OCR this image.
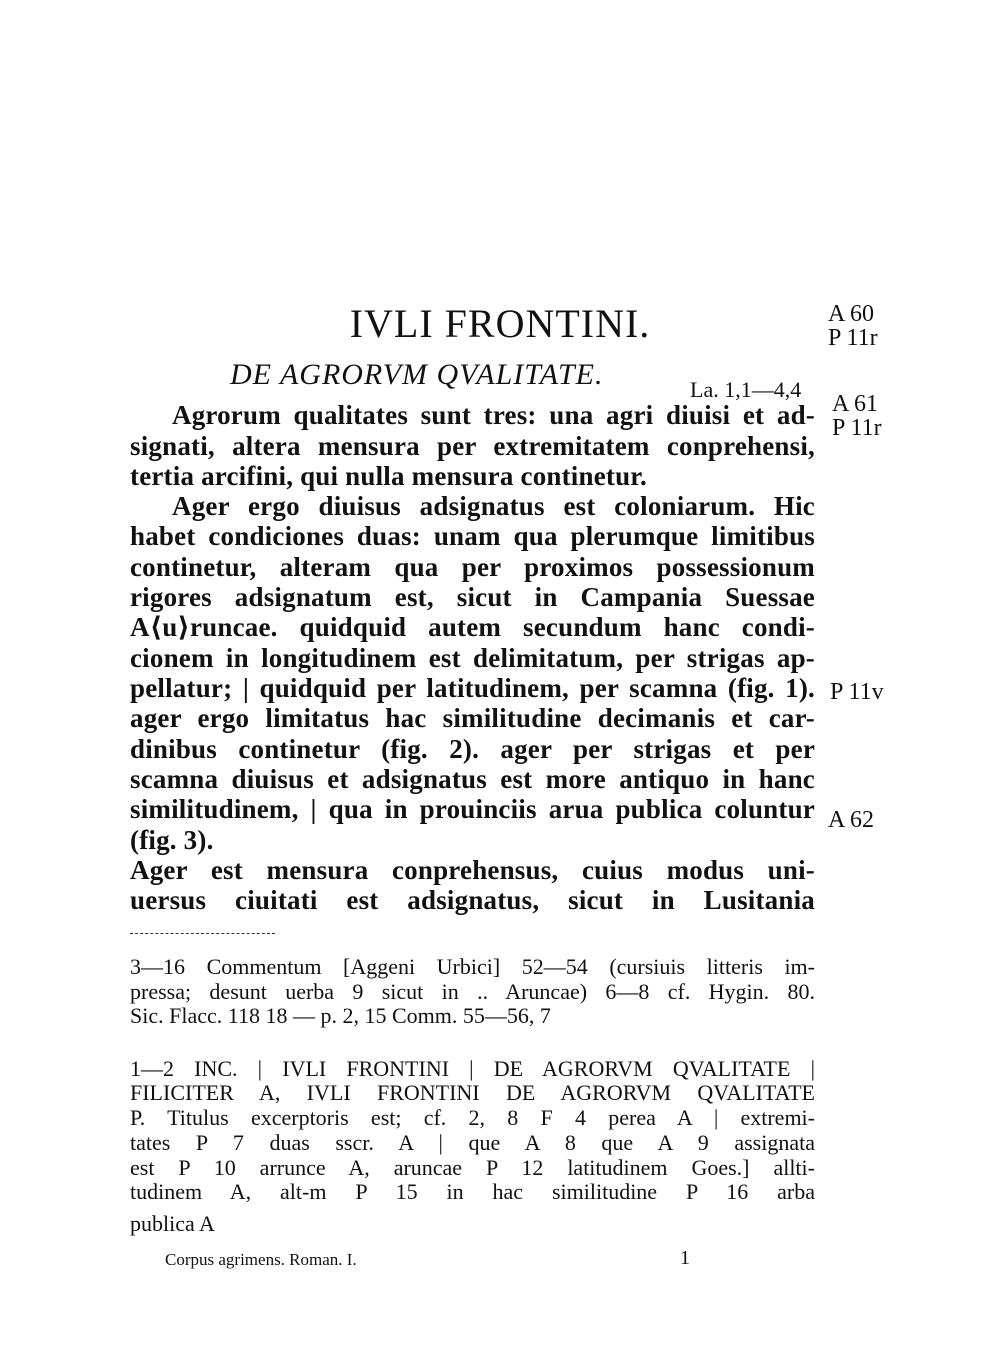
IVLI FRONTINI.
DE AGRORVM QVALITATE.	La. 1,1—4,4
A 60
P 11r
A 61
P 11r
P 11v
A 62
Agrorum qualitates sunt tres: una agri diuisi et ad-
signati, altera mensura per extremitatem conprehensi,
tertia arcifini, qui nulla mensura continetur.
Ager ergo diuisus adsignatus est coloniarum. Hic
habet condiciones duas: unam qua plerumque limitibus
continetur, alteram qua per proximos possessionum
rigores adsignatum est, sicut in Campania Suessae
A⟨u⟩runcae. quidquid autem secundum hanc condi-
cionem in longitudinem est delimitatum, per strigas ap-
pellatur; | quidquid per latitudinem, per scamna (fig. 1).
ager ergo limitatus hac similitudine decimanis et car-
dinibus continetur (fig. 2). ager per strigas et per
scamna diuisus et adsignatus est more antiquo in hanc
similitudinem, | qua in prouinciis arua publica coluntur
(fig. 3).
Ager est mensura conprehensus, cuius modus uni-
uersus ciuitati est adsignatus, sicut in Lusitania
3—16 Commentum [Aggeni Urbici] 52—54 (cursiuis litteris im-
pressa; desunt uerba 9 sicut in .. Aruncae) 6—8 cf. Hygin. 80.
Sic. Flacc. 118 18 — p. 2, 15 Comm. 55—56, 7
1—2 INC. | IVLI FRONTINI | DE AGRORVM QVALITATE |
FILICITER A, IVLI FRONTINI DE AGRORVM QVALITATE
P. Titulus excerptoris est; cf. 2, 8 F 4 perea A | extremi-
tates P 7 duas sscr. A | que A 8 que A 9 assignata
est P 10 arrunce A, aruncae P 12 latitudinem Goes.] allti-
tudinem A, alt-m P 15 in hac similitudine P 16 arba
publica A
Corpus agrimens. Roman. I.	1
